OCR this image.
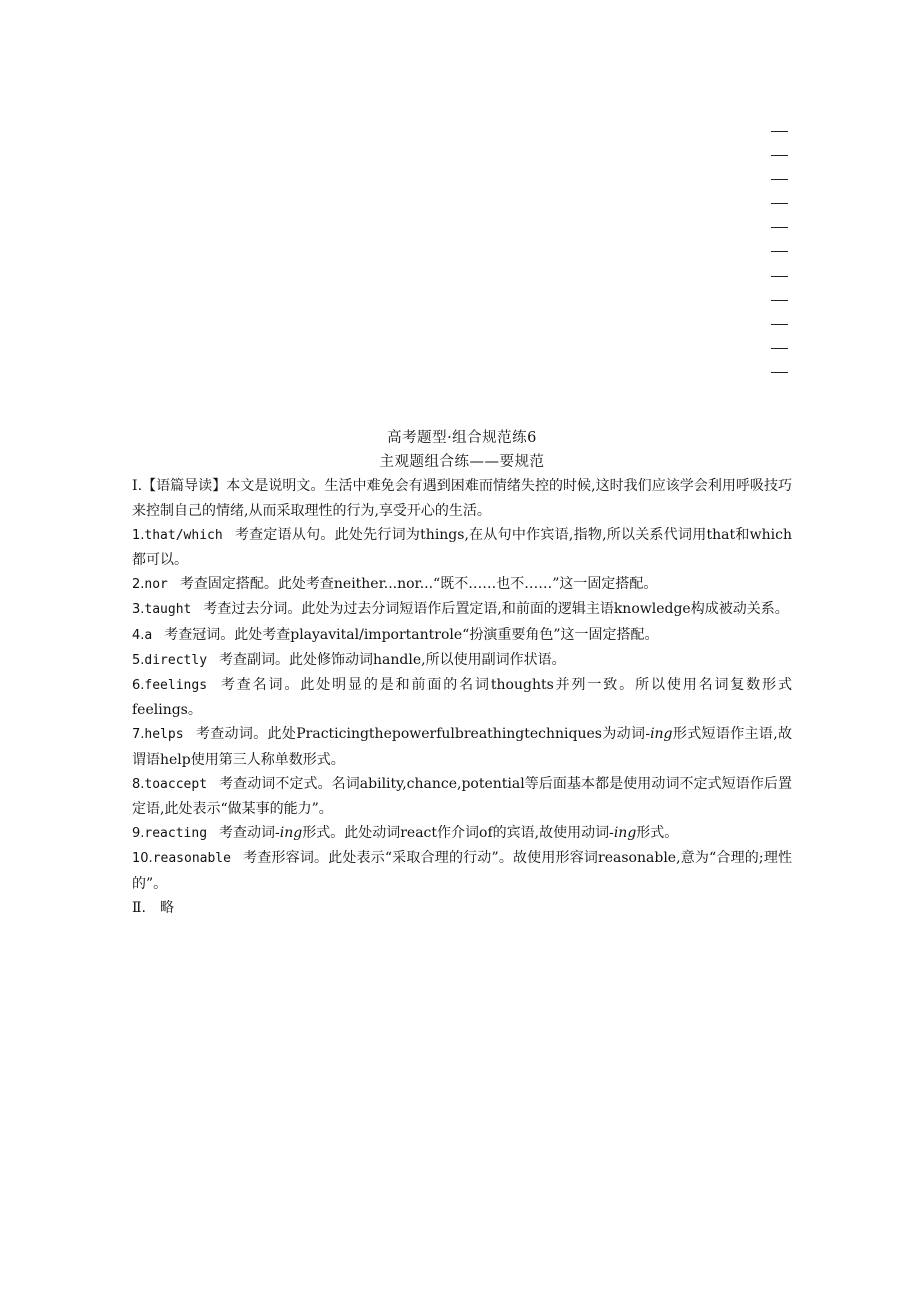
高考题型·组合规范练6
主观题组合练——要规范

Ⅰ.【语篇导读】本文是说明文。生活中难免会有遇到困难而情绪失控的时候,这时我们应该学会利用呼吸技巧来控制自己的情绪,从而采取理性的行为,享受开心的生活。

1.that/which 考查定语从句。此处先行词为things,在从句中作宾语,指物,所以关系代词用that和which都可以。

2.nor 考查固定搭配。此处考查neither...nor...“既不……也不……”这一固定搭配。

3.taught 考查过去分词。此处为过去分词短语作后置定语,和前面的逻辑主语knowledge构成被动关系。

4.a 考查冠词。此处考查playavital/importantrole“扮演重要角色”这一固定搭配。

5.directly 考查副词。此处修饰动词handle,所以使用副词作状语。

6.feelings 考查名词。此处明显的是和前面的名词thoughts并列一致。所以使用名词复数形式feelings。

7.helps 考查动词。此处Practicingthepowerfulbreathingtechniques为动词-ing形式短语作主语,故谓语help使用第三人称单数形式。

8.toaccept 考查动词不定式。名词ability,chance,potential等后面基本都是使用动词不定式短语作后置定语,此处表示“做某事的能力”。

9.reacting 考查动词-ing形式。此处动词react作介词of的宾语,故使用动词-ing形式。

10.reasonable 考查形容词。此处表示“采取合理的行动”。故使用形容词reasonable,意为“合理的;理性的”。

Ⅱ. 略
